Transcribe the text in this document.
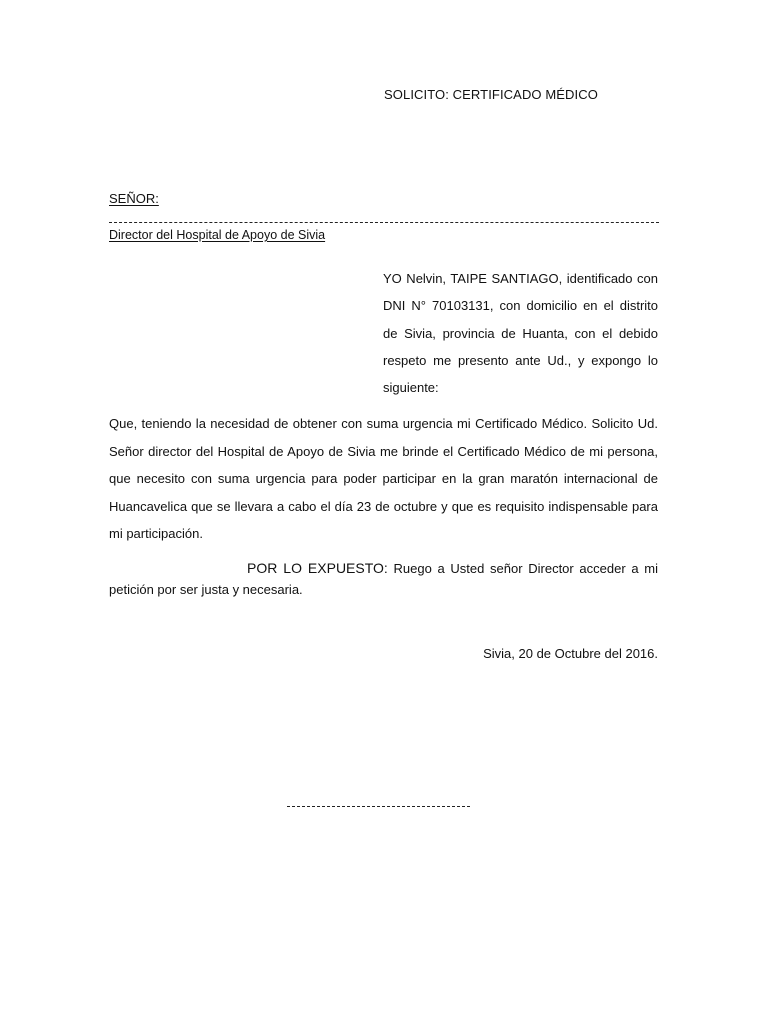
SOLICITO: CERTIFICADO MÉDICO
SEÑOR:
Director del Hospital de Apoyo de Sivia

YO Nelvin, TAIPE SANTIAGO, identificado con DNI N° 70103131, con domicilio en el distrito de Sivia, provincia de Huanta, con el debido respeto me presento ante Ud., y expongo lo siguiente:

Que, teniendo la necesidad de obtener con suma urgencia mi Certificado Médico. Solicito Ud. Señor director del Hospital de Apoyo de Sivia me brinde el Certificado Médico de mi persona, que necesito con suma urgencia para poder participar en la gran maratón internacional de Huancavelica que se llevara a cabo el día 23 de octubre y que es requisito indispensable para mi participación.

POR LO EXPUESTO: Ruego a Usted señor Director acceder a mi petición por ser justa y necesaria.

Sivia, 20 de Octubre del 2016.
